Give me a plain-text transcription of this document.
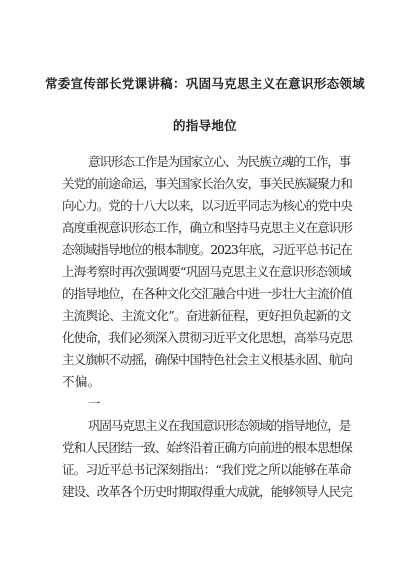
常委宣传部长党课讲稿：巩固马克思主义在意识形态领域
的指导地位
意识形态工作是为国家立心、为民族立魂的工作，事
关党的前途命运，事关国家长治久安，事关民族凝聚力和
向心力。党的十八大以来，以习近平同志为核心的党中央
高度重视意识形态工作，确立和坚持马克思主义在意识形
态领域指导地位的根本制度。2023年底，习近平总书记在
上海考察时再次强调要“巩固马克思主义在意识形态领域
的指导地位，在各种文化交汇融合中进一步壮大主流价值
主流舆论、主流文化”。奋进新征程，更好担负起新的文
化使命，我们必须深入贯彻习近平文化思想，高举马克思
主义旗帜不动摇，确保中国特色社会主义根基永固、航向
不偏。
一
巩固马克思主义在我国意识形态领域的指导地位，是
党和人民团结一致、始终沿着正确方向前进的根本思想保
证。习近平总书记深刻指出：“我们党之所以能够在革命
建设、改革各个历史时期取得重大成就，能够领导人民完
